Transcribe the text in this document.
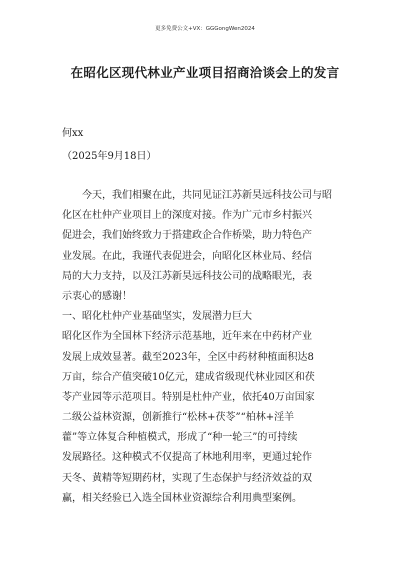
更多免费公文+VX：GGGongWen2024
在昭化区现代林业产业项目招商洽谈会上的发言
何xx
（2025年9月18日）
今天，我们相聚在此，共同见证江苏新昊远科技公司与昭
化区在杜仲产业项目上的深度对接。作为广元市乡村振兴
促进会，我们始终致力于搭建政企合作桥梁，助力特色产
业发展。在此，我谨代表促进会，向昭化区林业局、经信
局的大力支持，以及江苏新昊远科技公司的战略眼光，表
示衷心的感谢！
一、昭化杜仲产业基础坚实，发展潜力巨大
昭化区作为全国林下经济示范基地，近年来在中药材产业
发展上成效显著。截至2023年，全区中药材种植面积达8
万亩，综合产值突破10亿元，建成省级现代林业园区和茯
苓产业园等示范项目。特别是杜仲产业，依托40万亩国家
二级公益林资源，创新推行“松林+茯苓”“柏林+淫羊
藿”等立体复合种植模式，形成了“种一轮三”的可持续
发展路径。这种模式不仅提高了林地利用率，更通过轮作
天冬、黄精等短期药材，实现了生态保护与经济效益的双
赢，相关经验已入选全国林业资源综合利用典型案例。
